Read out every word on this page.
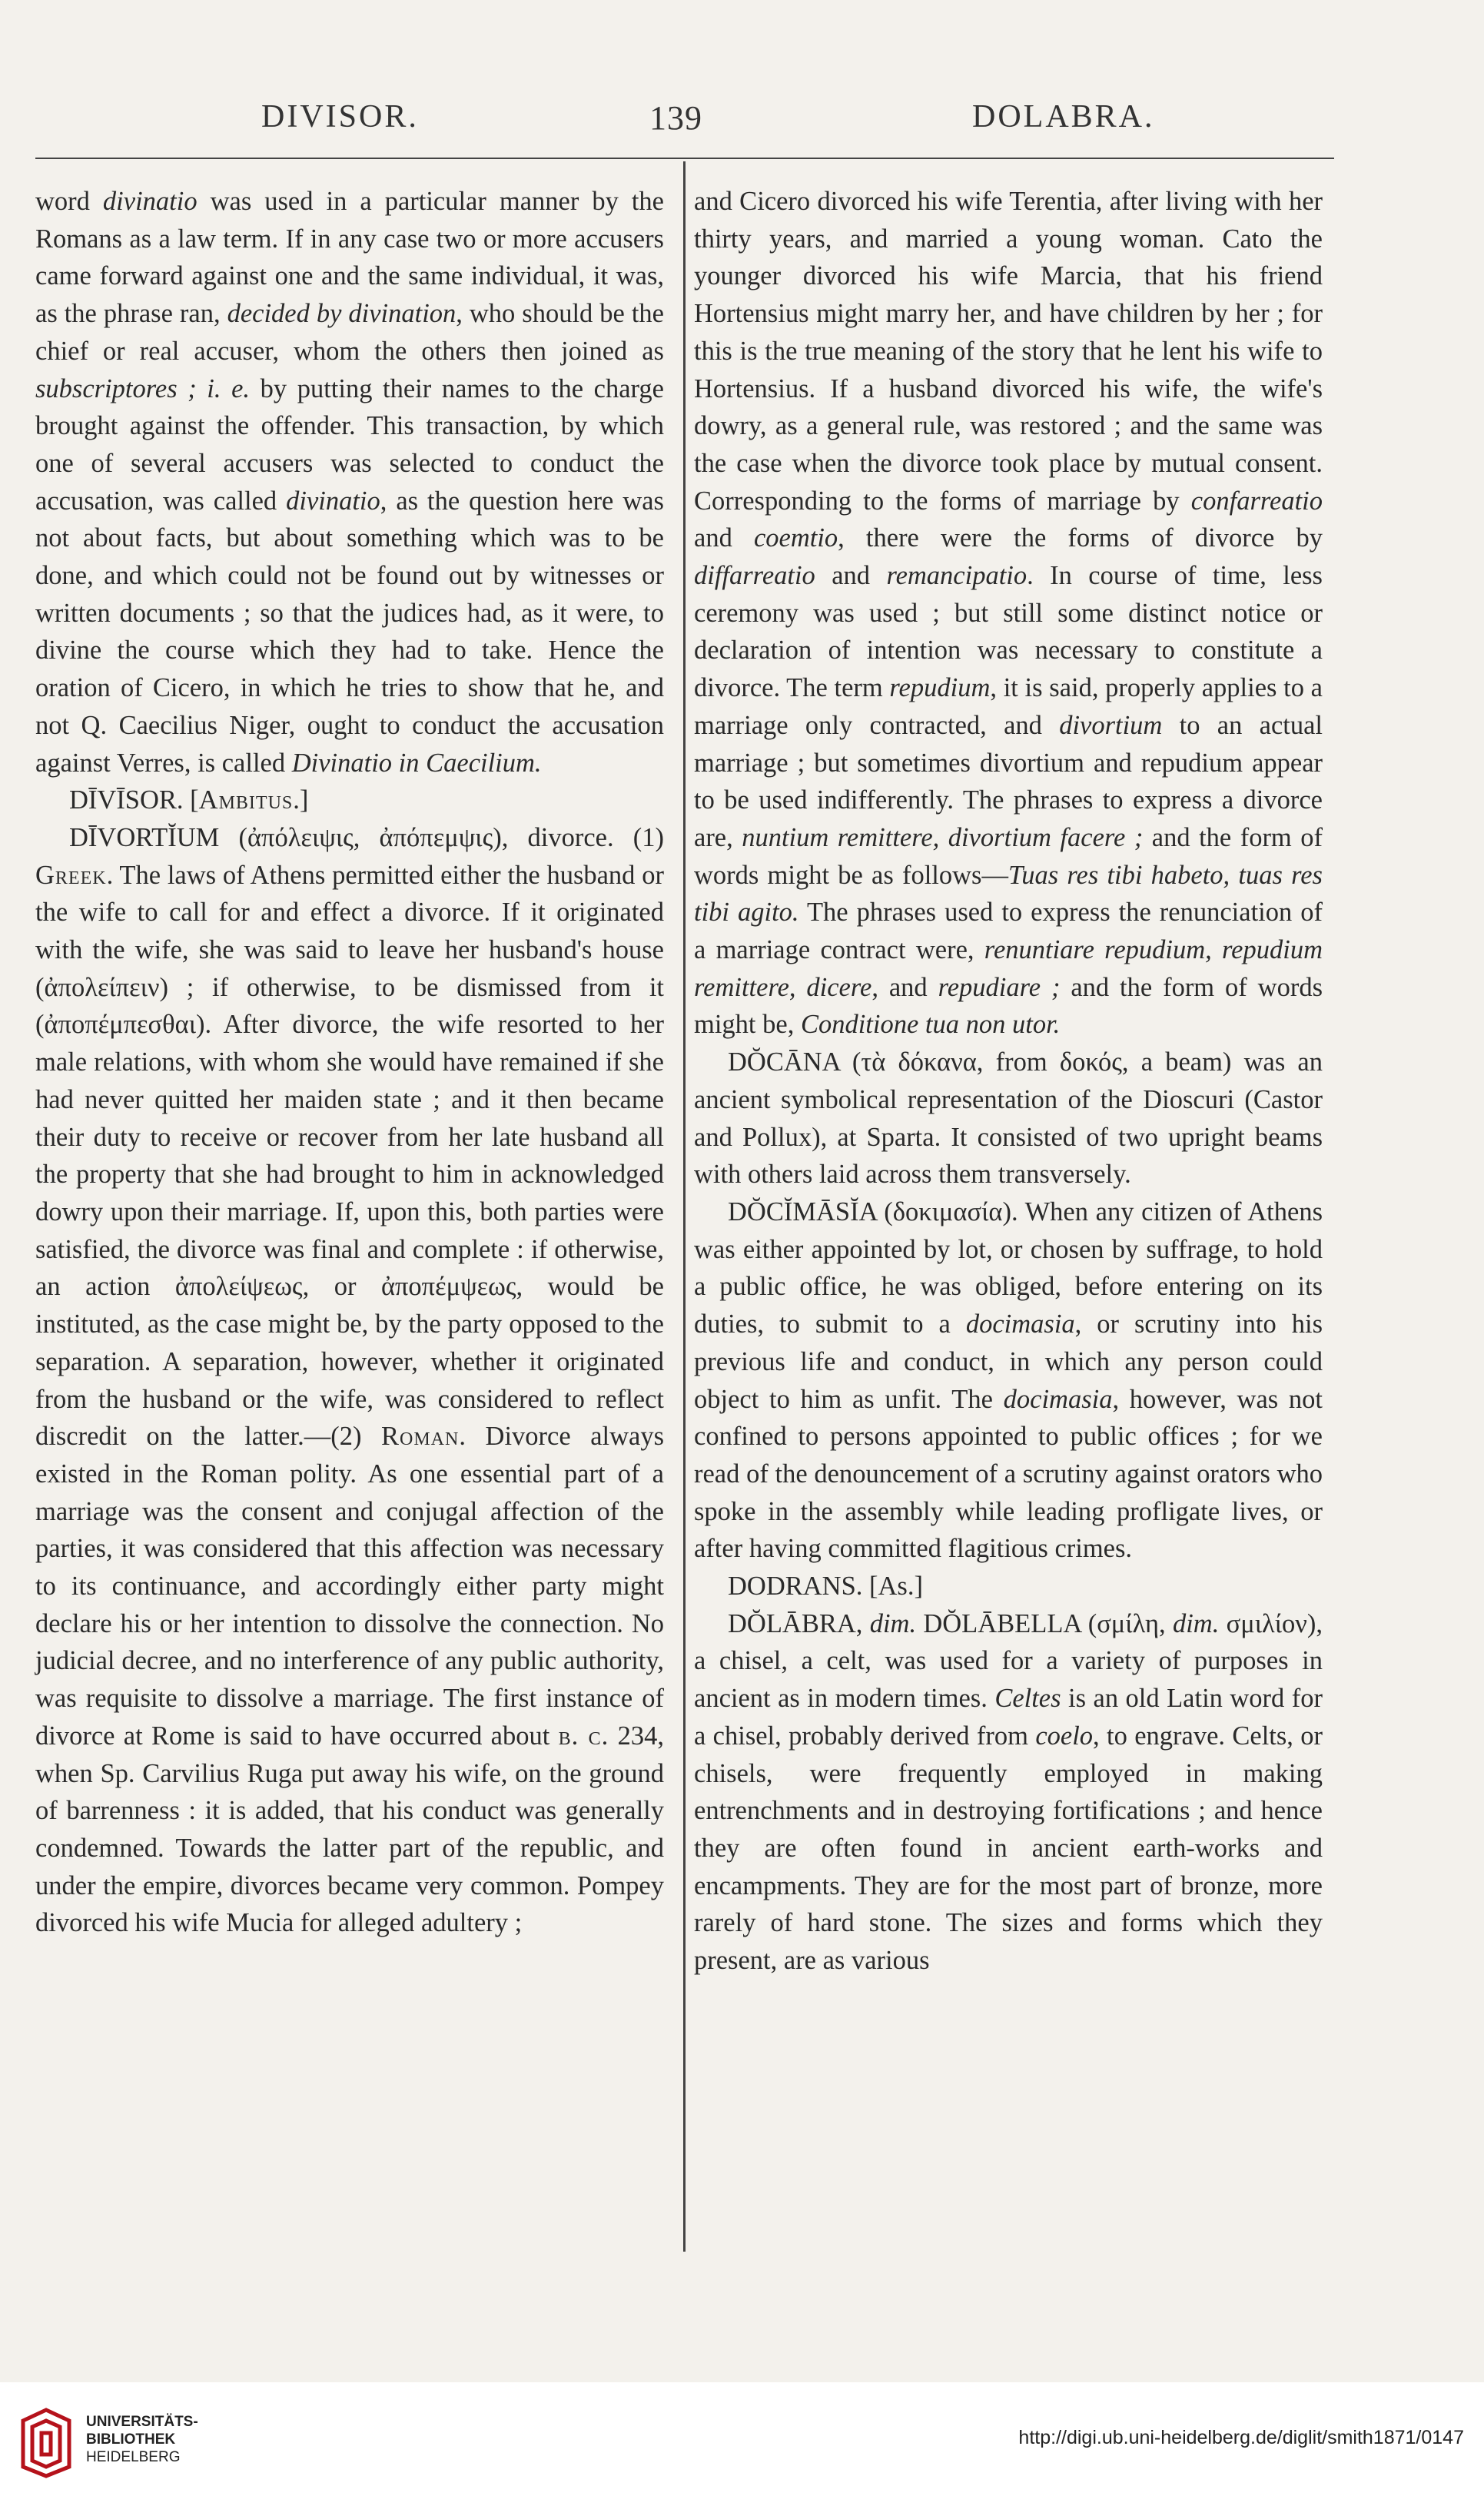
DIVISOR.	139	DOLABRA.

word divinatio was used in a particular manner by the Romans as a law term. If in any case two or more accusers came forward against one and the same individual, it was, as the phrase ran, decided by divination, who should be the chief or real accuser, whom the others then joined as subscriptores ; i. e. by putting their names to the charge brought against the offender. This transaction, by which one of several accusers was selected to conduct the accusation, was called divinatio, as the question here was not about facts, but about something which was to be done, and which could not be found out by witnesses or written documents ; so that the judices had, as it were, to divine the course which they had to take. Hence the oration of Cicero, in which he tries to show that he, and not Q. Caecilius Niger, ought to conduct the accusation against Verres, is called Divinatio in Caecilium.

DĪVĪSOR. [Ambitus.]

DĪVORTĬUM (ἀπόλειψις, ἀπόπεμψις), divorce. (1) Greek. The laws of Athens permitted either the husband or the wife to call for and effect a divorce. If it originated with the wife, she was said to leave her husband's house (ἀπολείπειν) ; if otherwise, to be dismissed from it (ἀποπέμπεσθαι). After divorce, the wife resorted to her male relations, with whom she would have remained if she had never quitted her maiden state ; and it then became their duty to receive or recover from her late husband all the property that she had brought to him in acknowledged dowry upon their marriage. If, upon this, both parties were satisfied, the divorce was final and complete : if otherwise, an action ἀπολείψεως, or ἀποπέμψεως, would be instituted, as the case might be, by the party opposed to the separation. A separation, however, whether it originated from the husband or the wife, was considered to reflect discredit on the latter.—(2) Roman. Divorce always existed in the Roman polity. As one essential part of a marriage was the consent and conjugal affection of the parties, it was considered that this affection was necessary to its continuance, and accordingly either party might declare his or her intention to dissolve the connection. No judicial decree, and no interference of any public authority, was requisite to dissolve a marriage. The first instance of divorce at Rome is said to have occurred about b. c. 234, when Sp. Carvilius Ruga put away his wife, on the ground of barrenness : it is added, that his conduct was generally condemned. Towards the latter part of the republic, and under the empire, divorces became very common. Pompey divorced his wife Mucia for alleged adultery ;

and Cicero divorced his wife Terentia, after living with her thirty years, and married a young woman. Cato the younger divorced his wife Marcia, that his friend Hortensius might marry her, and have children by her ; for this is the true meaning of the story that he lent his wife to Hortensius. If a husband divorced his wife, the wife's dowry, as a general rule, was restored ; and the same was the case when the divorce took place by mutual consent. Corresponding to the forms of marriage by confarreatio and coemtio, there were the forms of divorce by diffarreatio and remancipatio. In course of time, less ceremony was used ; but still some distinct notice or declaration of intention was necessary to constitute a divorce. The term repudium, it is said, properly applies to a marriage only contracted, and divortium to an actual marriage ; but sometimes divortium and repudium appear to be used indifferently. The phrases to express a divorce are, nuntium remittere, divortium facere ; and the form of words might be as follows—Tuas res tibi habeto, tuas res tibi agito. The phrases used to express the renunciation of a marriage contract were, renuntiare repudium, repudium remittere, dicere, and repudiare ; and the form of words might be, Conditione tua non utor.

DŎCĀNA (τὰ δόκανα, from δοκός, a beam) was an ancient symbolical representation of the Dioscuri (Castor and Pollux), at Sparta. It consisted of two upright beams with others laid across them transversely.

DŎCĬMĀSĬA (δοκιμασία). When any citizen of Athens was either appointed by lot, or chosen by suffrage, to hold a public office, he was obliged, before entering on its duties, to submit to a docimasia, or scrutiny into his previous life and conduct, in which any person could object to him as unfit. The docimasia, however, was not confined to persons appointed to public offices ; for we read of the denouncement of a scrutiny against orators who spoke in the assembly while leading profligate lives, or after having committed flagitious crimes.

DODRANS. [As.]

DŎLĀBRA, dim. DŎLĀBELLA (σμίλη, dim. σμιλίον), a chisel, a celt, was used for a variety of purposes in ancient as in modern times. Celtes is an old Latin word for a chisel, probably derived from coelo, to engrave. Celts, or chisels, were frequently employed in making entrenchments and in destroying fortifications ; and hence they are often found in ancient earth-works and encampments. They are for the most part of bronze, more rarely of hard stone. The sizes and forms which they present, are as various

UNIVERSITÄTS-
BIBLIOTHEK
HEIDELBERG
http://digi.ub.uni-heidelberg.de/diglit/smith1871/0147
